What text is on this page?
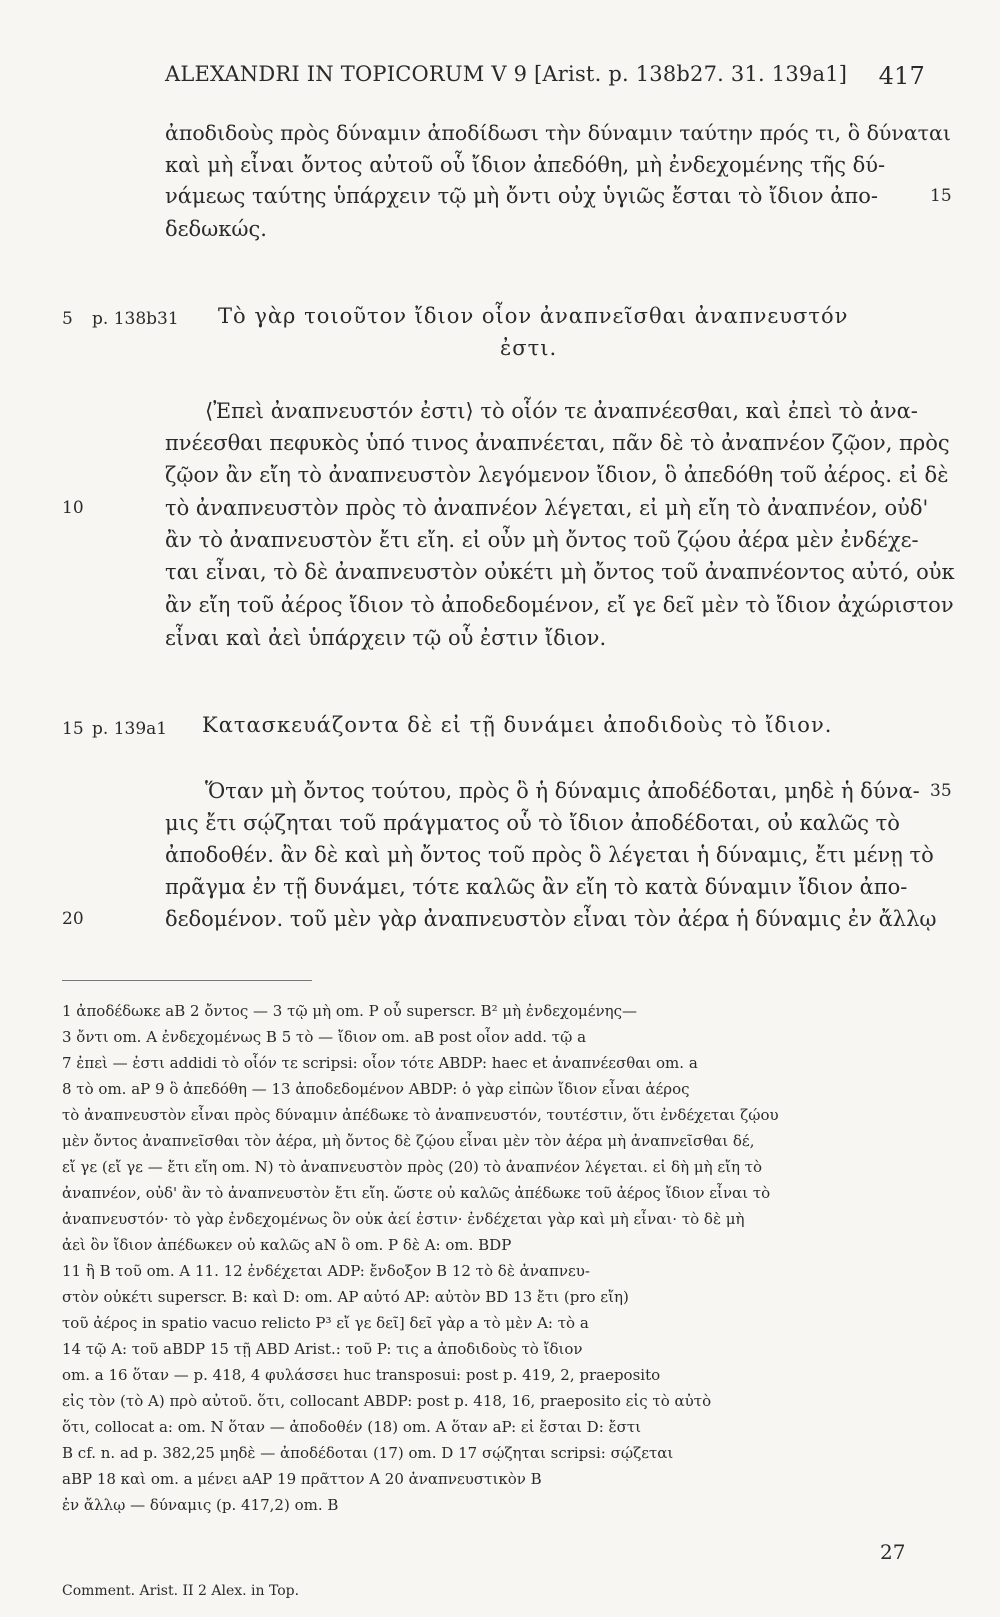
ALEXANDRI IN TOPICORUM V 9 [Arist. p. 138b27. 31. 139a1] 417
ἀποδιδοὺς πρὸς δύναμιν ἀποδίδωσι τὴν δύναμιν ταύτην πρός τι, ὃ δύναται
καὶ μὴ εἶναι ὄντος αὐτοῦ οὗ ἴδιον ἀπεδόθη, μὴ ἐνδεχομένης τῆς δύ-
νάμεως ταύτης ὑπάρχειν τῷ μὴ ὄντι οὐχ ὑγιῶς ἔσται τὸ ἴδιον ἀπο-
δεδωκώς.
Τὸ γὰρ τοιοῦτον ἴδιον οἷον ἀναπνεῖσθαι ἀναπνευστόν
ἐστι.
⟨Ἐπεὶ ἀναπνευστόν ἐστι⟩ τὸ οἷόν τε ἀναπνέεσθαι, καὶ ἐπεὶ τὸ ἀνα-
πνέεσθαι πεφυκὸς ὑπό τινος ἀναπνέεται, πᾶν δὲ τὸ ἀναπνέον ζῷον, πρὸς
ζῷον ἂν εἴη τὸ ἀναπνευστὸν λεγόμενον ἴδιον, ὃ ἀπεδόθη τοῦ ἀέρος. εἰ δὲ
τὸ ἀναπνευστὸν πρὸς τὸ ἀναπνέον λέγεται, εἰ μὴ εἴη τὸ ἀναπνέον, οὐδ'
ἂν τὸ ἀναπνευστὸν ἔτι εἴη. εἰ οὖν μὴ ὄντος τοῦ ζῴου ἀέρα μὲν ἐνδέχε-
ται εἶναι, τὸ δὲ ἀναπνευστὸν οὐκέτι μὴ ὄντος τοῦ ἀναπνέοντος αὐτό, οὐκ
ἂν εἴη τοῦ ἀέρος ἴδιον τὸ ἀποδεδομένον, εἴ γε δεῖ μὲν τὸ ἴδιον ἀχώριστον
εἶναι καὶ ἀεὶ ὑπάρχειν τῷ οὗ ἐστιν ἴδιον.
Κατασκευάζοντα δὲ εἰ τῇ δυνάμει ἀποδιδοὺς τὸ ἴδιον.
Ὅταν μὴ ὄντος τούτου, πρὸς ὃ ἡ δύναμις ἀποδέδοται, μηδὲ ἡ δύνα-
μις ἔτι σῴζηται τοῦ πράγματος οὗ τὸ ἴδιον ἀποδέδοται, οὐ καλῶς τὸ
ἀποδοθέν. ἂν δὲ καὶ μὴ ὄντος τοῦ πρὸς ὃ λέγεται ἡ δύναμις, ἔτι μένῃ τὸ
πρᾶγμα ἐν τῇ δυνάμει, τότε καλῶς ἂν εἴη τὸ κατὰ δύναμιν ἴδιον ἀπο-
δεδομένον. τοῦ μὲν γὰρ ἀναπνευστὸν εἶναι τὸν ἀέρα ἡ δύναμις ἐν ἄλλῳ
15
5
10
15
35
20
p. 138b31
p. 139a1
1 ἀποδέδωκε aB 2 ὄντος — 3 τῷ μὴ om. P οὗ superscr. B² μὴ ἐνδεχομένης—
3 ὄντι om. A ἐνδεχομένως B 5 τὸ — ἴδιον om. aB post οἷον add. τῷ a
7 ἐπεὶ — ἐστι addidi τὸ οἷόν τε scripsi: οἷον τότε ABDP: haec et ἀναπνέεσθαι om. a
8 τὸ om. aP 9 ὃ ἀπεδόθη — 13 ἀποδεδομένον ABDP: ὁ γὰρ εἰπὼν ἴδιον εἶναι ἀέρος
τὸ ἀναπνευστὸν εἶναι πρὸς δύναμιν ἀπέδωκε τὸ ἀναπνευστόν, τουτέστιν, ὅτι ἐνδέχεται ζῴου
μὲν ὄντος ἀναπνεῖσθαι τὸν ἀέρα, μὴ ὄντος δὲ ζῴου εἶναι μὲν τὸν ἀέρα μὴ ἀναπνεῖσθαι δέ,
εἴ γε (εἴ γε — ἔτι εἴη om. N) τὸ ἀναπνευστὸν πρὸς (20) τὸ ἀναπνέον λέγεται. εἰ δὴ μὴ εἴη τὸ
ἀναπνέον, οὐδ' ἂν τὸ ἀναπνευστὸν ἔτι εἴη. ὥστε οὐ καλῶς ἀπέδωκε τοῦ ἀέρος ἴδιον εἶναι τὸ
ἀναπνευστόν· τὸ γὰρ ἐνδεχομένως ὂν οὐκ ἀεί ἐστιν· ἐνδέχεται γὰρ καὶ μὴ εἶναι· τὸ δὲ μὴ
ἀεὶ ὂν ἴδιον ἀπέδωκεν οὐ καλῶς aN ὃ om. P δὲ A: om. BDP
11 ἢ B τοῦ om. A 11. 12 ἐνδέχεται ADP: ἔνδοξον B 12 τὸ δὲ ἀναπνευ-
στὸν οὐκέτι superscr. B: καὶ D: om. AP αὐτό AP: αὐτὸν BD 13 ἔτι (pro εἴη)
τοῦ ἀέρος in spatio vacuo relicto P³ εἴ γε δεῖ] δεῖ γὰρ a τὸ μὲν A: τὸ a
14 τῷ A: τοῦ aBDP 15 τῇ ABD Arist.: τοῦ P: τις a ἀποδιδοὺς τὸ ἴδιον
om. a 16 ὅταν — p. 418, 4 φυλάσσει huc transposui: post p. 419, 2, praeposito
εἰς τὸν (τὸ A) πρὸ αὐτοῦ. ὅτι, collocant ABDP: post p. 418, 16, praeposito εἰς τὸ αὐτὸ
ὅτι, collocat a: om. N ὅταν — ἀποδοθέν (18) om. A ὅταν aP: εἰ ἔσται D: ἔστι
B cf. n. ad p. 382,25 μηδὲ — ἀποδέδοται (17) om. D 17 σῴζηται scripsi: σῴζεται
aBP 18 καὶ om. a μένει aAP 19 πρᾶττον A 20 ἀναπνευστικὸν B
ἐν ἄλλῳ — δύναμις (p. 417,2) om. B
Comment. Arist. II 2 Alex. in Top.
27
